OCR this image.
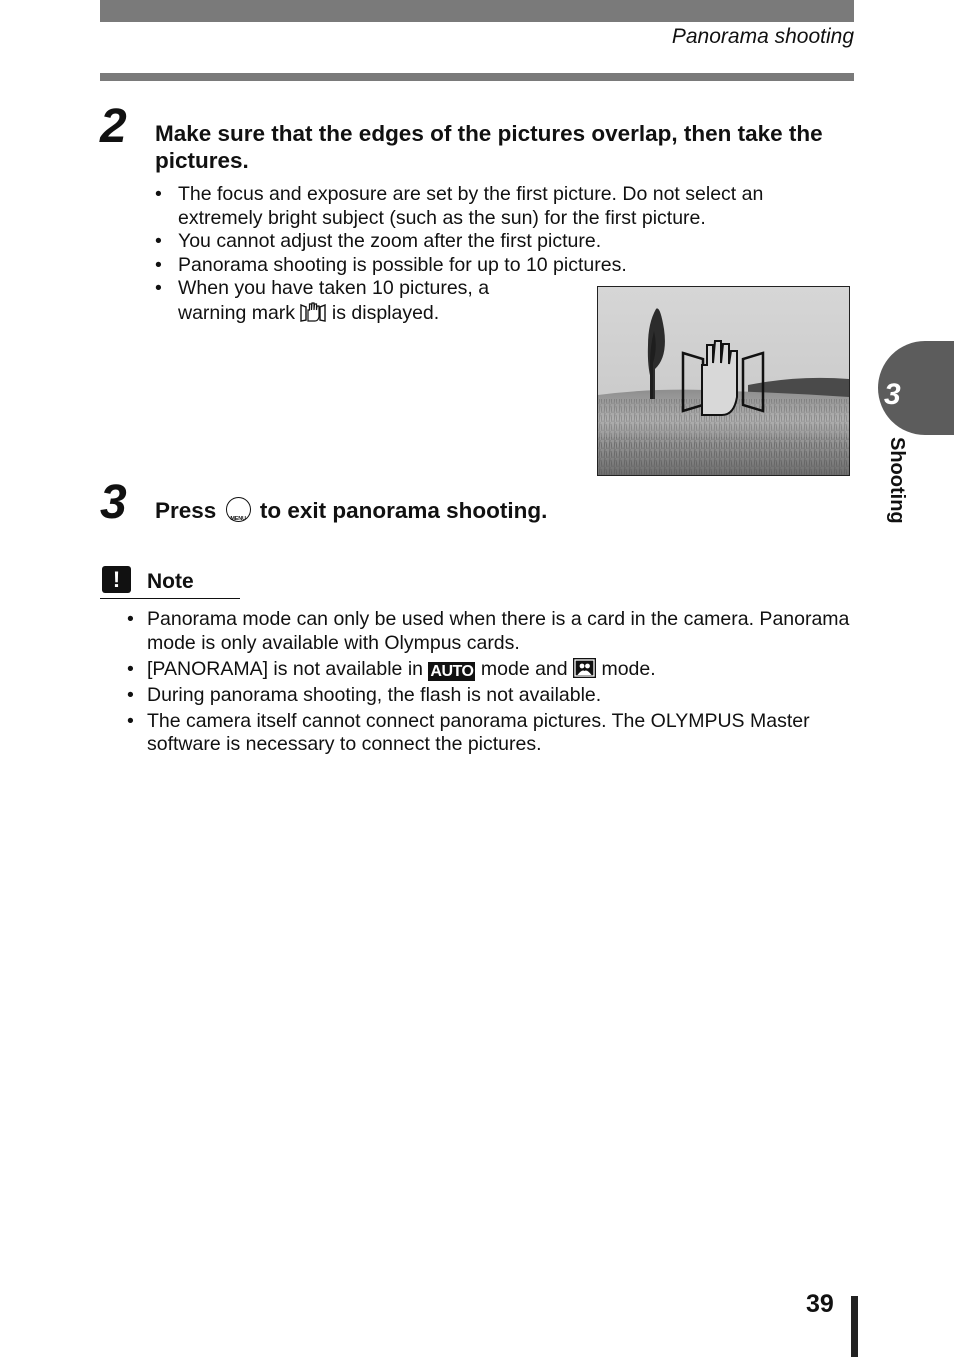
Panorama shooting
2 Make sure that the edges of the pictures overlap, then take the pictures.
• The focus and exposure are set by the first picture. Do not select an extremely bright subject (such as the sun) for the first picture.
• You cannot adjust the zoom after the first picture.
• Panorama shooting is possible for up to 10 pictures.
• When you have taken 10 pictures, a warning mark is displayed.
3 Press	MENU to exit panorama shooting.
!	Note
• Panorama mode can only be used when there is a card in the camera. Panorama mode is only available with Olympus cards.
• [PANORAMA] is not available in AUTO mode and mode.
• During panorama shooting, the flash is not available.
• The camera itself cannot connect panorama pictures. The OLYMPUS Master software is necessary to connect the pictures.
3
Shooting
39
